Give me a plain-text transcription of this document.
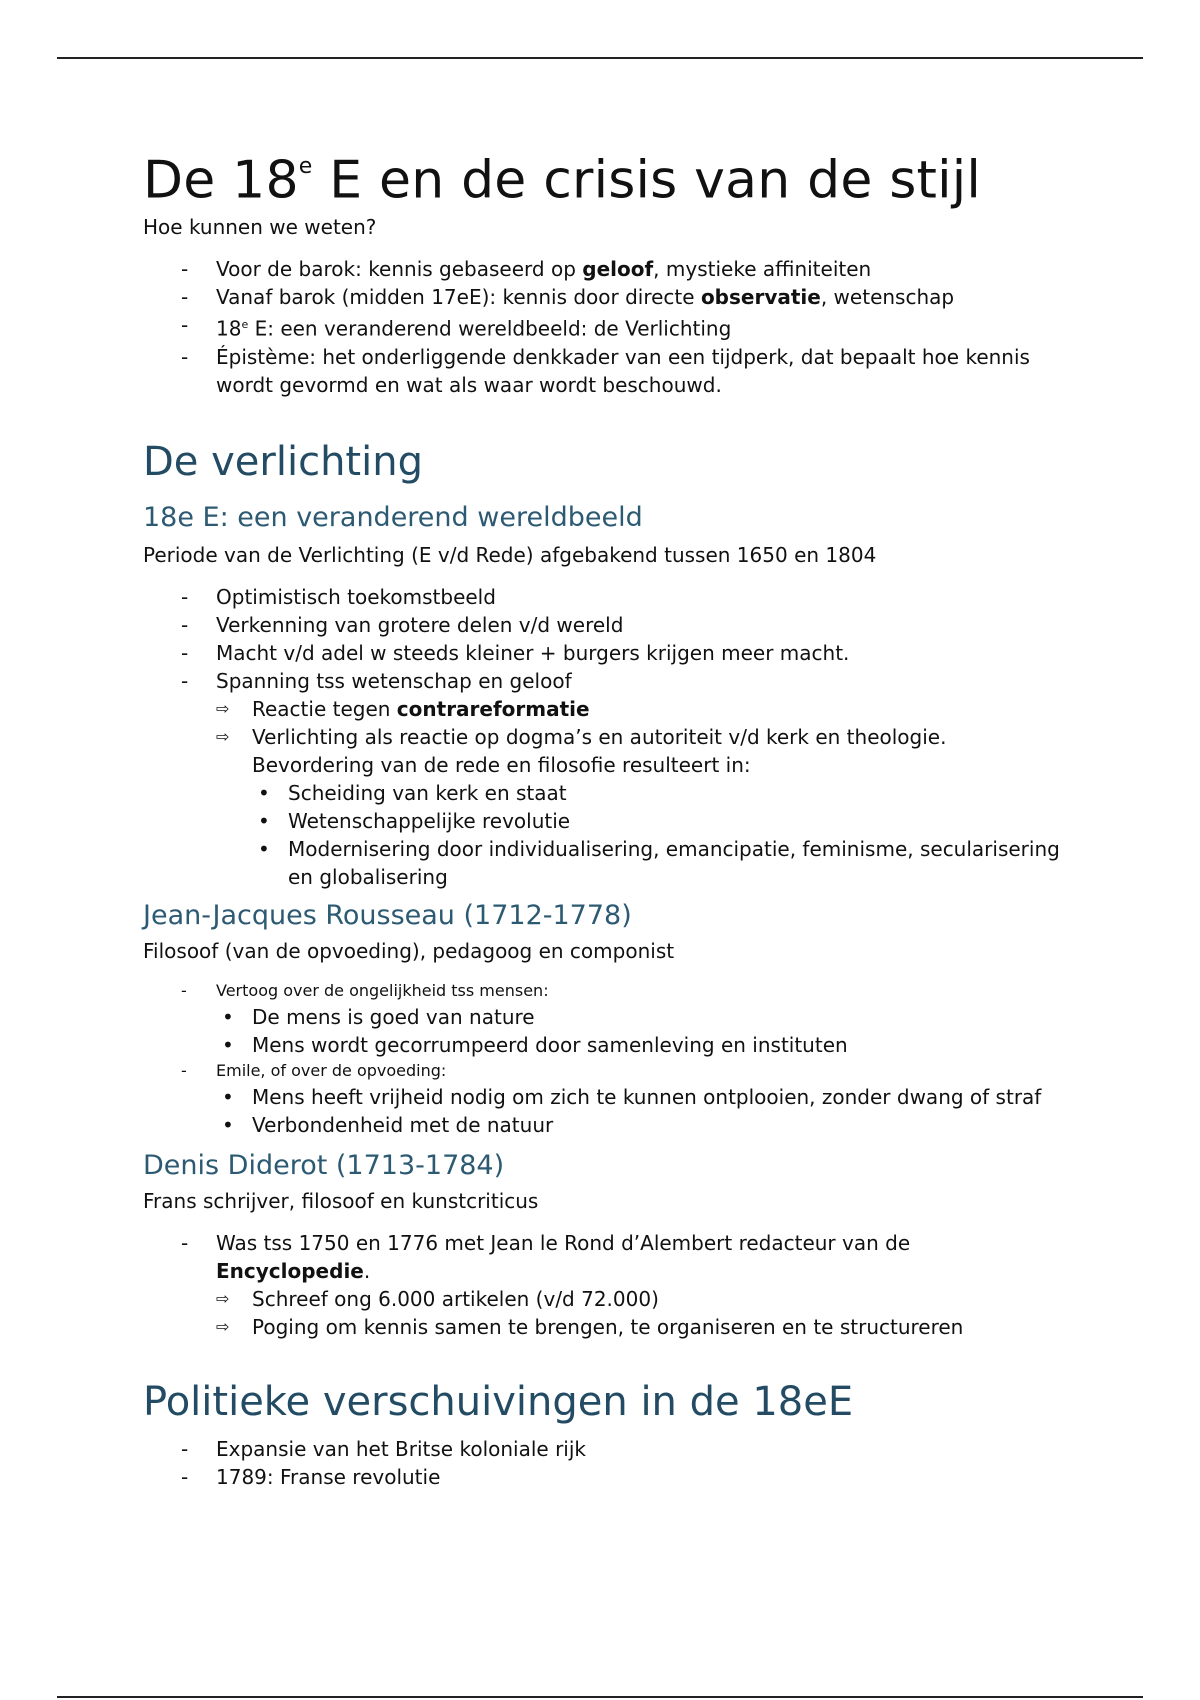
De 18e E en de crisis van de stijl

Hoe kunnen we weten?

- Voor de barok: kennis gebaseerd op geloof, mystieke affiniteiten
- Vanaf barok (midden 17eE): kennis door directe observatie, wetenschap
- 18e E: een veranderend wereldbeeld: de Verlichting
- Épistème: het onderliggende denkkader van een tijdperk, dat bepaalt hoe kennis wordt gevormd en wat als waar wordt beschouwd.
De verlichting
18e E: een veranderend wereldbeeld

Periode van de Verlichting (E v/d Rede) afgebakend tussen 1650 en 1804

- Optimistisch toekomstbeeld
- Verkenning van grotere delen v/d wereld
- Macht v/d adel w steeds kleiner + burgers krijgen meer macht.
- Spanning tss wetenschap en geloof
⇨ Reactie tegen contrareformatie
⇨ Verlichting als reactie op dogma’s en autoriteit v/d kerk en theologie. Bevordering van de rede en filosofie resulteert in:
• Scheiding van kerk en staat
• Wetenschappelijke revolutie
• Modernisering door individualisering, emancipatie, feminisme, secularisering en globalisering
Jean-Jacques Rousseau (1712-1778)

Filosoof (van de opvoeding), pedagoog en componist

- Vertoog over de ongelijkheid tss mensen:
• De mens is goed van nature
• Mens wordt gecorrumpeerd door samenleving en instituten
- Emile, of over de opvoeding:
• Mens heeft vrijheid nodig om zich te kunnen ontplooien, zonder dwang of straf
• Verbondenheid met de natuur
Denis Diderot (1713-1784)

Frans schrijver, filosoof en kunstcriticus

- Was tss 1750 en 1776 met Jean le Rond d’Alembert redacteur van de Encyclopedie.
⇨ Schreef ong 6.000 artikelen (v/d 72.000)
⇨ Poging om kennis samen te brengen, te organiseren en te structureren
Politieke verschuivingen in de 18eE
- Expansie van het Britse koloniale rijk
- 1789: Franse revolutie
